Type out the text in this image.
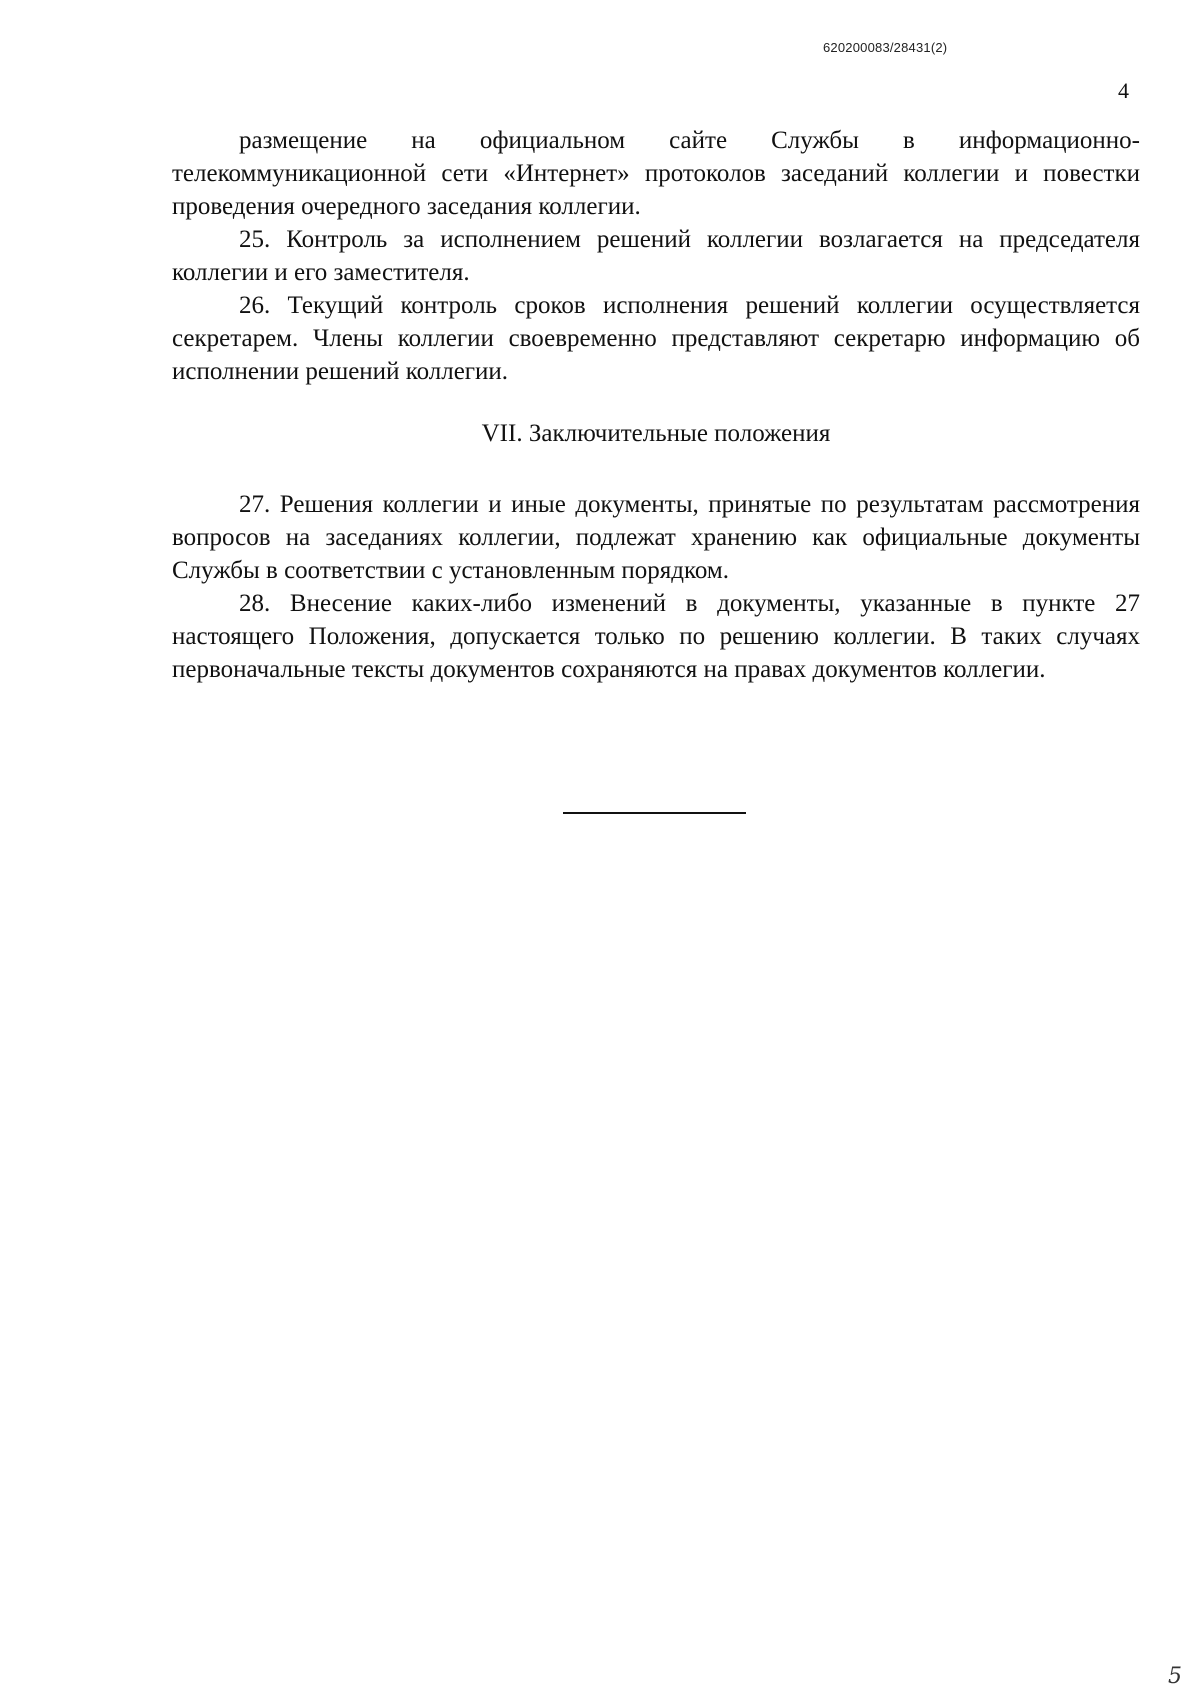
620200083/28431(2)
4

размещение на официальном сайте Службы в информационно-телекоммуникационной сети «Интернет» протоколов заседаний коллегии и повестки проведения очередного заседания коллегии.

25. Контроль за исполнением решений коллегии возлагается на председателя коллегии и его заместителя.

26. Текущий контроль сроков исполнения решений коллегии осуществляется секретарем. Члены коллегии своевременно представляют секретарю информацию об исполнении решений коллегии.

VII. Заключительные положения

27. Решения коллегии и иные документы, принятые по результатам рассмотрения вопросов на заседаниях коллегии, подлежат хранению как официальные документы Службы в соответствии с установленным порядком.

28. Внесение каких-либо изменений в документы, указанные в пункте 27 настоящего Положения, допускается только по решению коллегии. В таких случаях первоначальные тексты документов сохраняются на правах документов коллегии.

5
